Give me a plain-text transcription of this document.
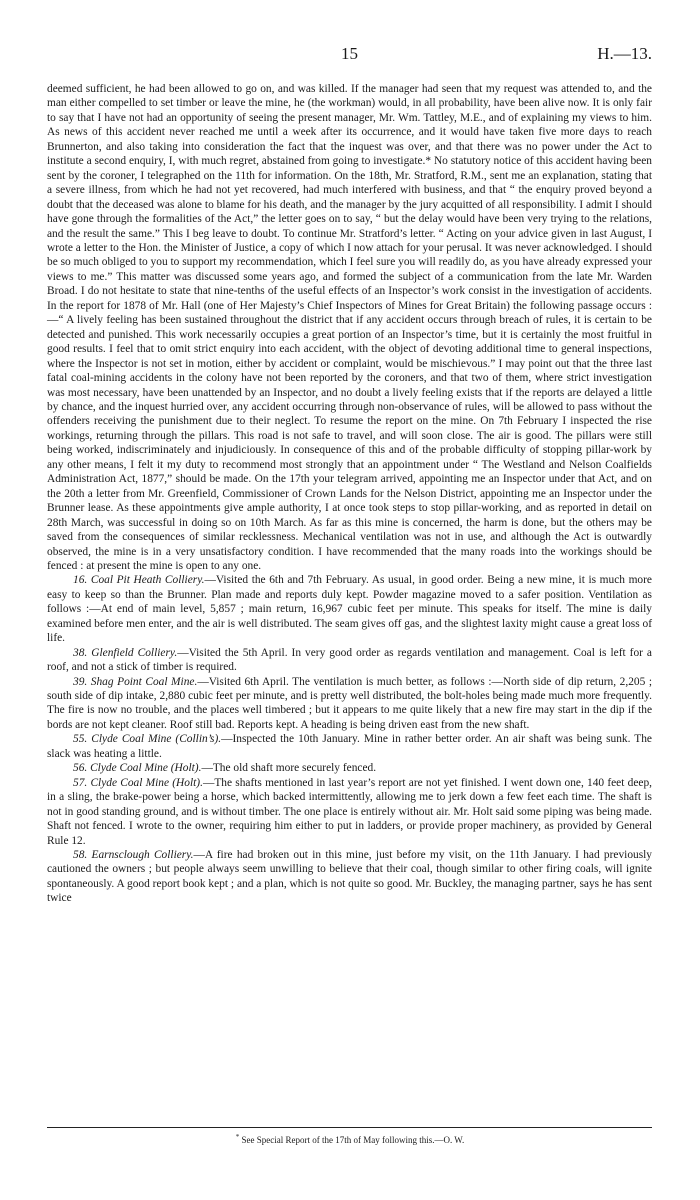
15	H.—13.

deemed sufficient, he had been allowed to go on, and was killed. If the manager had seen that my request was attended to, and the man either compelled to set timber or leave the mine, he (the workman) would, in all probability, have been alive now. It is only fair to say that I have not had an opportunity of seeing the present manager, Mr. Wm. Tattley, M.E., and of explaining my views to him. As news of this accident never reached me until a week after its occurrence, and it would have taken five more days to reach Brunnerton, and also taking into consideration the fact that the inquest was over, and that there was no power under the Act to institute a second enquiry, I, with much regret, abstained from going to investigate.* No statutory notice of this accident having been sent by the coroner, I telegraphed on the 11th for information. On the 18th, Mr. Stratford, R.M., sent me an explanation, stating that a severe illness, from which he had not yet recovered, had much interfered with business, and that “ the enquiry proved beyond a doubt that the deceased was alone to blame for his death, and the manager by the jury acquitted of all responsibility. I admit I should have gone through the formalities of the Act,” the letter goes on to say, “ but the delay would have been very trying to the relations, and the result the same.” This I beg leave to doubt. To continue Mr. Stratford’s letter. “ Acting on your advice given in last August, I wrote a letter to the Hon. the Minister of Justice, a copy of which I now attach for your perusal. It was never acknowledged. I should be so much obliged to you to support my recommendation, which I feel sure you will readily do, as you have already expressed your views to me.” This matter was discussed some years ago, and formed the subject of a communication from the late Mr. Warden Broad. I do not hesitate to state that nine-tenths of the useful effects of an Inspector’s work consist in the investigation of accidents. In the report for 1878 of Mr. Hall (one of Her Majesty’s Chief Inspectors of Mines for Great Britain) the following passage occurs :—“ A lively feeling has been sustained throughout the district that if any accident occurs through breach of rules, it is certain to be detected and punished. This work necessarily occupies a great portion of an Inspector’s time, but it is certainly the most fruitful in good results. I feel that to omit strict enquiry into each accident, with the object of devoting additional time to general inspections, where the Inspector is not set in motion, either by accident or complaint, would be mischievous.” I may point out that the three last fatal coal-mining accidents in the colony have not been reported by the coroners, and that two of them, where strict investigation was most necessary, have been unattended by an Inspector, and no doubt a lively feeling exists that if the reports are delayed a little by chance, and the inquest hurried over, any accident occurring through non-observance of rules, will be allowed to pass without the offenders receiving the punishment due to their neglect. To resume the report on the mine. On 7th February I inspected the rise workings, returning through the pillars. This road is not safe to travel, and will soon close. The air is good. The pillars were still being worked, indiscriminately and injudiciously. In consequence of this and of the probable difficulty of stopping pillar-work by any other means, I felt it my duty to recommend most strongly that an appointment under “ The Westland and Nelson Coalfields Administration Act, 1877,” should be made. On the 17th your telegram arrived, appointing me an Inspector under that Act, and on the 20th a letter from Mr. Greenfield, Commissioner of Crown Lands for the Nelson District, appointing me an Inspector under the Brunner lease. As these appointments give ample authority, I at once took steps to stop pillar-working, and as reported in detail on 28th March, was successful in doing so on 10th March. As far as this mine is concerned, the harm is done, but the others may be saved from the consequences of similar recklessness. Mechanical ventilation was not in use, and although the Act is outwardly observed, the mine is in a very unsatisfactory condition. I have recommended that the many roads into the workings should be fenced : at present the mine is open to any one.

16. Coal Pit Heath Colliery.—Visited the 6th and 7th February. As usual, in good order. Being a new mine, it is much more easy to keep so than the Brunner. Plan made and reports duly kept. Powder magazine moved to a safer position. Ventilation as follows :—At end of main level, 5,857 ; main return, 16,967 cubic feet per minute. This speaks for itself. The mine is daily examined before men enter, and the air is well distributed. The seam gives off gas, and the slightest laxity might cause a great loss of life.

38. Glenfield Colliery.—Visited the 5th April. In very good order as regards ventilation and management. Coal is left for a roof, and not a stick of timber is required.

39. Shag Point Coal Mine.—Visited 6th April. The ventilation is much better, as follows :—North side of dip return, 2,205 ; south side of dip intake, 2,880 cubic feet per minute, and is pretty well distributed, the bolt-holes being made much more frequently. The fire is now no trouble, and the places well timbered ; but it appears to me quite likely that a new fire may start in the dip if the bords are not kept cleaner. Roof still bad. Reports kept. A heading is being driven east from the new shaft.

55. Clyde Coal Mine (Collin’s).—Inspected the 10th January. Mine in rather better order. An air shaft was being sunk. The slack was heating a little.

56. Clyde Coal Mine (Holt).—The old shaft more securely fenced.

57. Clyde Coal Mine (Holt).—The shafts mentioned in last year’s report are not yet finished. I went down one, 140 feet deep, in a sling, the brake-power being a horse, which backed intermittently, allowing me to jerk down a few feet each time. The shaft is not in good standing ground, and is without timber. The one place is entirely without air. Mr. Holt said some piping was being made. Shaft not fenced. I wrote to the owner, requiring him either to put in ladders, or provide proper machinery, as provided by General Rule 12.

58. Earnsclough Colliery.—A fire had broken out in this mine, just before my visit, on the 11th January. I had previously cautioned the owners ; but people always seem unwilling to believe that their coal, though similar to other firing coals, will ignite spontaneously. A good report book kept ; and a plan, which is not quite so good. Mr. Buckley, the managing partner, says he has sent twice

* See Special Report of the 17th of May following this.—O. W.
